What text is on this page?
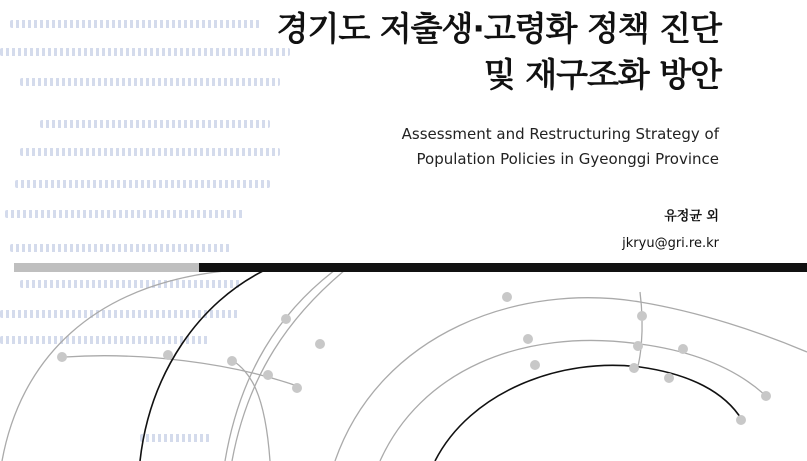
경기도 저출생·고령화 정책 진단
및 재구조화 방안
Assessment and Restructuring Strategy of
Population Policies in Gyeonggi Province
유정균 외
jkryu@gri.re.kr
